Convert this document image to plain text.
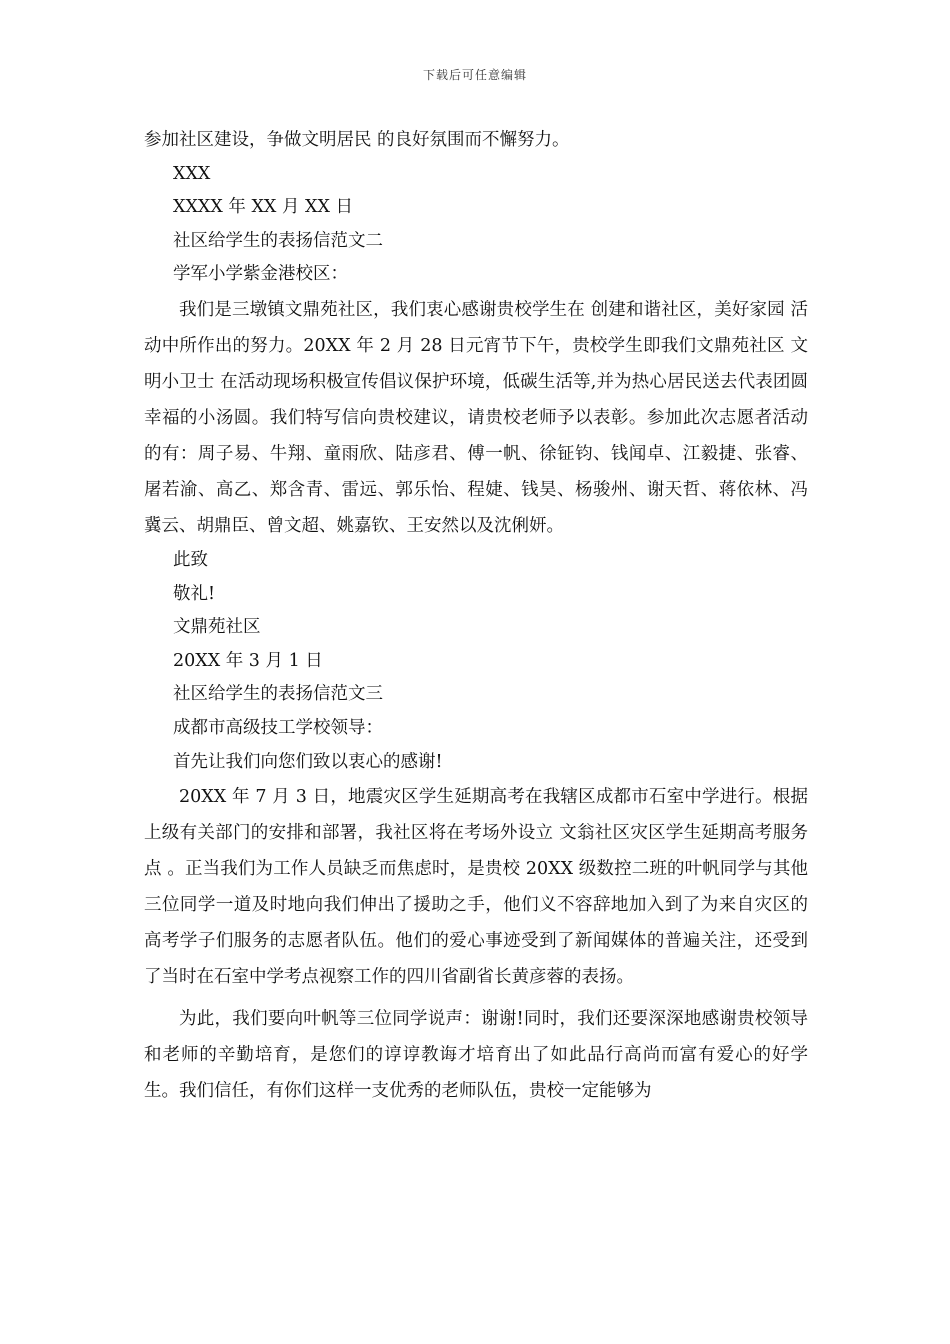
下载后可任意编辑
参加社区建设，争做文明居民 的良好氛围而不懈努力。
XXX
XXXX 年 XX 月 XX 日
社区给学生的表扬信范文二
学军小学紫金港校区：
我们是三墩镇文鼎苑社区，我们衷心感谢贵校学生在 创建和谐社区，美好家园 活动中所作出的努力。20XX 年 2 月 28 日元宵节下午，贵校学生即我们文鼎苑社区 文明小卫士 在活动现场积极宣传倡议保护环境，低碳生活等,并为热心居民送去代表团圆幸福的小汤圆。我们特写信向贵校建议，请贵校老师予以表彰。参加此次志愿者活动的有：周子易、牛翔、童雨欣、陆彦君、傅一帆、徐钲钧、钱闻卓、江毅捷、张睿、屠若渝、高乙、郑含青、雷远、郭乐怡、程婕、钱昊、杨骏州、谢天哲、蒋依林、冯冀云、胡鼎臣、曾文超、姚嘉钦、王安然以及沈俐妍。
此致
敬礼!
文鼎苑社区
20XX 年 3 月 1 日
社区给学生的表扬信范文三
成都市高级技工学校领导：
首先让我们向您们致以衷心的感谢!
20XX 年 7 月 3 日，地震灾区学生延期高考在我辖区成都市石室中学进行。根据上级有关部门的安排和部署，我社区将在考场外设立 文翁社区灾区学生延期高考服务点 。正当我们为工作人员缺乏而焦虑时，是贵校 20XX 级数控二班的叶帆同学与其他三位同学一道及时地向我们伸出了援助之手，他们义不容辞地加入到了为来自灾区的高考学子们服务的志愿者队伍。他们的爱心事迹受到了新闻媒体的普遍关注，还受到了当时在石室中学考点视察工作的四川省副省长黄彦蓉的表扬。
为此，我们要向叶帆等三位同学说声：谢谢!同时，我们还要深深地感谢贵校领导和老师的辛勤培育，是您们的谆谆教诲才培育出了如此品行高尚而富有爱心的好学生。我们信任，有你们这样一支优秀的老师队伍，贵校一定能够为
